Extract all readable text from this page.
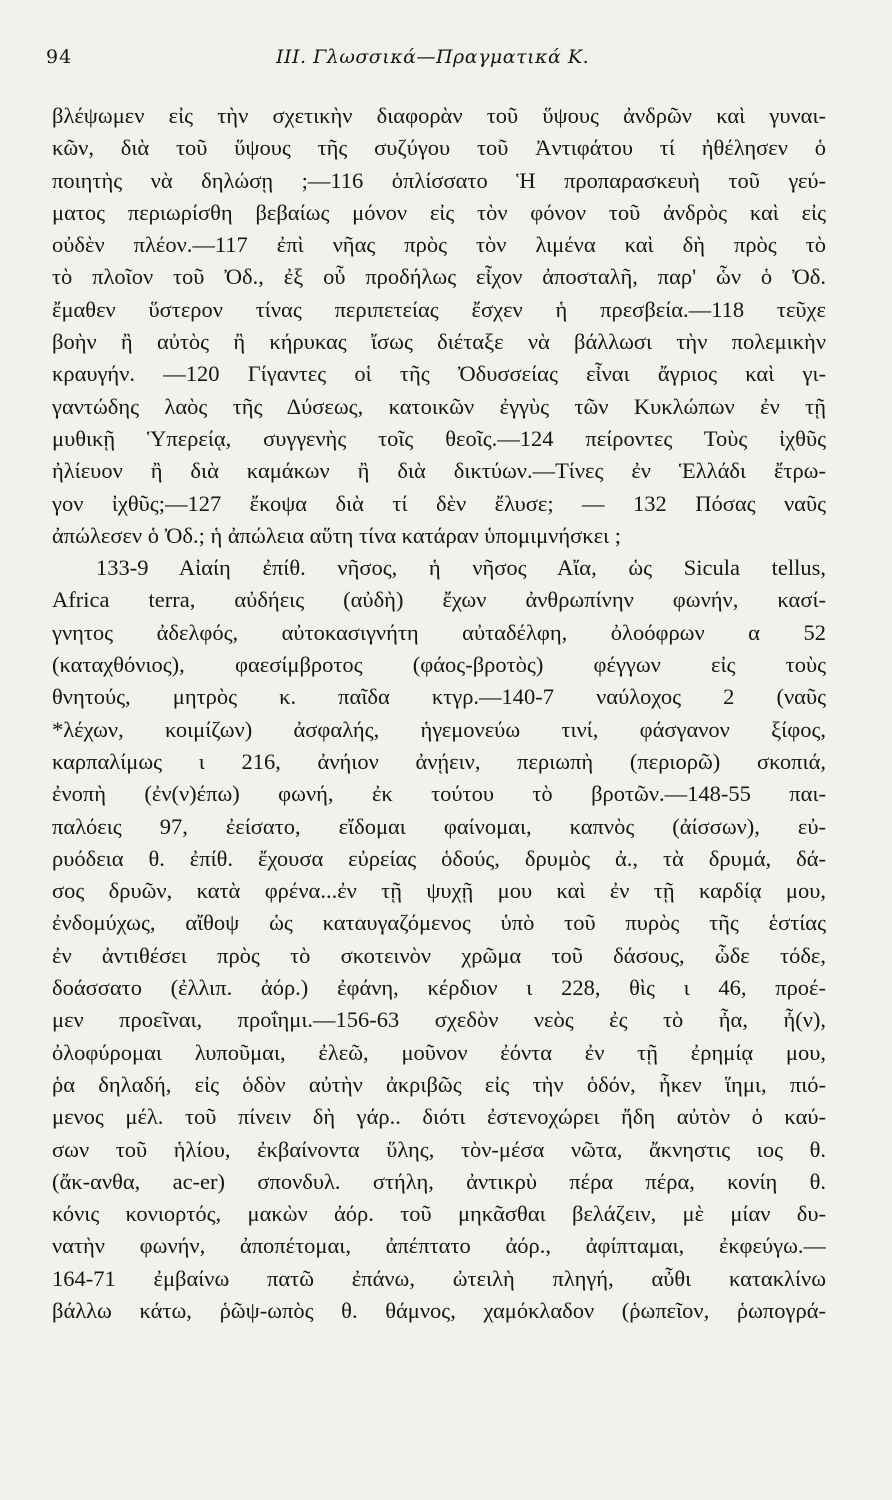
94	ΙΙΙ. Γλωσσικά—Πραγματικά Κ.
βλέψωμεν εἰς τὴν σχετικὴν διαφορὰν τοῦ ὕψους ἀνδρῶν καὶ γυναι-
κῶν, διὰ τοῦ ὕψους τῆς συζύγου τοῦ Ἀντιφάτου τί ἠθέλησεν ὁ
ποιητὴς νὰ δηλώσῃ ;—116 ὁπλίσσατο Ἡ προπαρασκευὴ τοῦ γεύ-
ματος περιωρίσθη βεβαίως μόνον εἰς τὸν φόνον τοῦ ἀνδρὸς καὶ εἰς
οὐδὲν πλέον.—117 ἐπὶ νῆας πρὸς τὸν λιμένα καὶ δὴ πρὸς τὸ
τὸ πλοῖον τοῦ Ὀδ., ἐξ οὗ προδήλως εἶχον ἀποσταλῆ, παρ' ὧν ὁ Ὀδ.
ἔμαθεν ὕστερον τίνας περιπετείας ἔσχεν ἡ πρεσβεία.—118 τεῦχε
βοὴν ἢ αὐτὸς ἢ κήρυκας ἴσως διέταξε νὰ βάλλωσι τὴν πολεμικὴν
κραυγήν. —120 Γίγαντες οἱ τῆς Ὀδυσσείας εἶναι ἄγριος καὶ γι-
γαντώδης λαὸς τῆς Δύσεως, κατοικῶν ἐγγὺς τῶν Κυκλώπων ἐν τῇ
μυθικῇ Ὑπερείᾳ, συγγενὴς τοῖς θεοῖς.—124 πείροντες Τοὺς ἰχθῦς
ἠλίευον ἢ διὰ καμάκων ἢ διὰ δικτύων.—Τίνες ἐν Ἑλλάδι ἔτρω-
γον ἰχθῦς;—127 ἔκοψα διὰ τί δὲν ἔλυσε; — 132 Πόσας ναῦς
ἀπώλεσεν ὁ Ὀδ.; ἡ ἀπώλεια αὕτη τίνα κατάραν ὑπομιμνήσκει ;
133-9 Αἰαίη ἐπίθ. νῆσος, ἡ νῆσος Αἴα, ὡς Sicula tellus,
Africa terra, αὐδήεις (αὐδὴ) ἔχων ἀνθρωπίνην φωνήν, κασί-
γνητος ἀδελφός, αὐτοκασιγνήτη αὐταδέλφη, ὀλοόφρων α 52
(καταχθόνιος), φαεσίμβροτος (φάος-βροτὸς) φέγγων εἰς τοὺς
θνητούς, μητρὸς κ. παῖδα κτγρ.—140-7 ναύλοχος 2 (ναῦς
*λέχων, κοιμίζων) ἀσφαλής, ἡγεμονεύω τινί, φάσγανον ξίφος,
καρπαλίμως ι 216, ἀνήιον ἀνῄειν, περιωπὴ (περιορῶ) σκοπιά,
ἐνοπὴ (ἐν(ν)έπω) φωνή, ἐκ τούτου τὸ βροτῶν.—148-55 παι-
παλόεις 97, ἐείσατο, εἴδομαι φαίνομαι, καπνὸς (ἀίσσων), εὐ-
ρυόδεια θ. ἐπίθ. ἔχουσα εὐρείας ὁδούς, δρυμὸς ἀ., τὰ δρυμά, δά-
σος δρυῶν, κατὰ φρένα...ἐν τῇ ψυχῇ μου καὶ ἐν τῇ καρδίᾳ μου,
ἐνδομύχως, αἴθοψ ὡς καταυγαζόμενος ὑπὸ τοῦ πυρὸς τῆς ἑστίας
ἐν ἀντιθέσει πρὸς τὸ σκοτεινὸν χρῶμα τοῦ δάσους, ὧδε τόδε,
δοάσσατο (ἐλλιπ. ἀόρ.) ἐφάνη, κέρδιον ι 228, θὶς ι 46, προέ-
μεν προεῖναι, προΐημι.—156-63 σχεδὸν νεὸς ἐς τὸ ἦα, ἦ(ν),
ὀλοφύρομαι λυποῦμαι, ἐλεῶ, μοῦνον ἐόντα ἐν τῇ ἐρημίᾳ μου,
ῥα δηλαδή, εἰς ὁδὸν αὐτὴν ἀκριβῶς εἰς τὴν ὁδόν, ἧκεν ἵημι, πιό-
μενος μέλ. τοῦ πίνειν δὴ γάρ.. διότι ἐστενοχώρει ἤδη αὐτὸν ὁ καύ-
σων τοῦ ἡλίου, ἐκβαίνοντα ὕλης, τὸν-μέσα νῶτα, ἄκνηστις ιος θ.
(ἄκ-ανθα, ac-er) σπονδυλ. στήλη, ἀντικρὺ πέρα πέρα, κονίη θ.
κόνις κονιορτός, μακὼν ἀόρ. τοῦ μηκᾶσθαι βελάζειν, μὲ μίαν δυ-
νατὴν φωνήν, ἀποπέτομαι, ἀπέπτατο ἀόρ., ἀφίπταμαι, ἐκφεύγω.—
164-71 ἐμβαίνω πατῶ ἐπάνω, ὠτειλὴ πληγή, αὖθι κατακλίνω
βάλλω κάτω, ῥῶψ-ωπὸς θ. θάμνος, χαμόκλαδον (ῥωπεῖον, ῥωπογρά-
